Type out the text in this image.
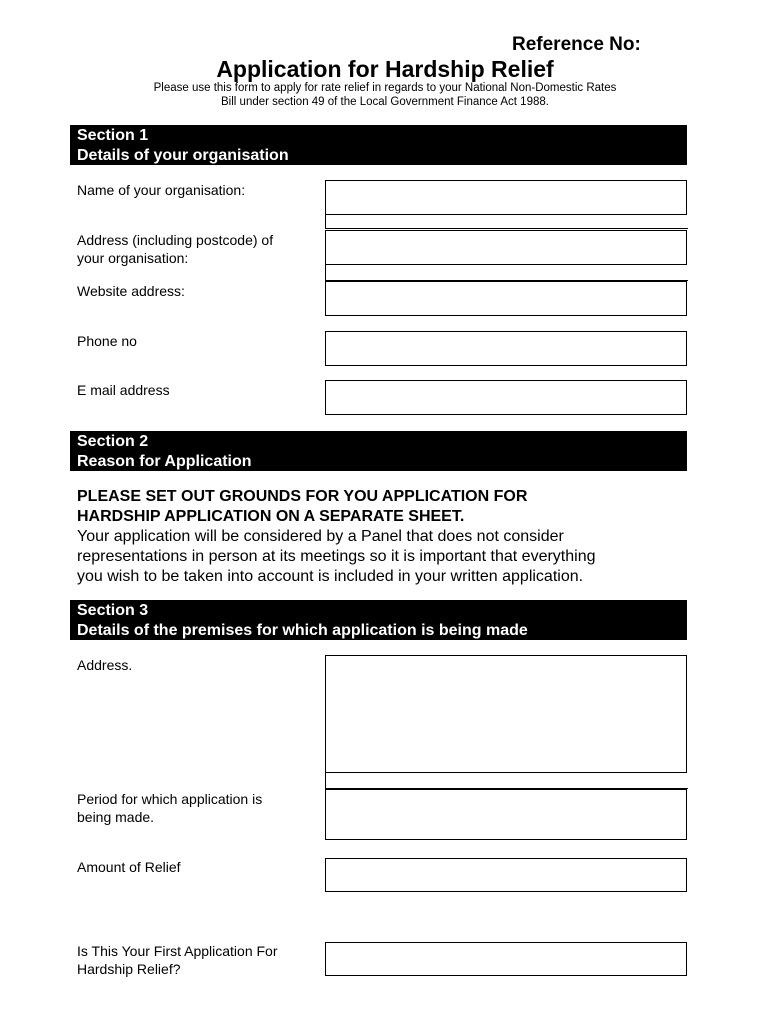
Reference No:
Application for Hardship Relief
Please use this form to apply for rate relief in regards to your National Non-Domestic Rates
Bill under section 49 of the Local Government Finance Act 1988.
Section 1
Details of your organisation
Name of your organisation:
Address (including postcode) of
your organisation:
Website address:
Phone no
E mail address
Section 2
Reason for Application
PLEASE SET OUT GROUNDS FOR YOU APPLICATION FOR
HARDSHIP APPLICATION ON A SEPARATE SHEET.
Your application will be considered by a Panel that does not consider
representations in person at its meetings so it is important that everything
you wish to be taken into account is included in your written application.
Section 3
Details of the premises for which application is being made
Address.
Period for which application is
being made.
Amount of Relief
Is This Your First Application For
Hardship Relief?
